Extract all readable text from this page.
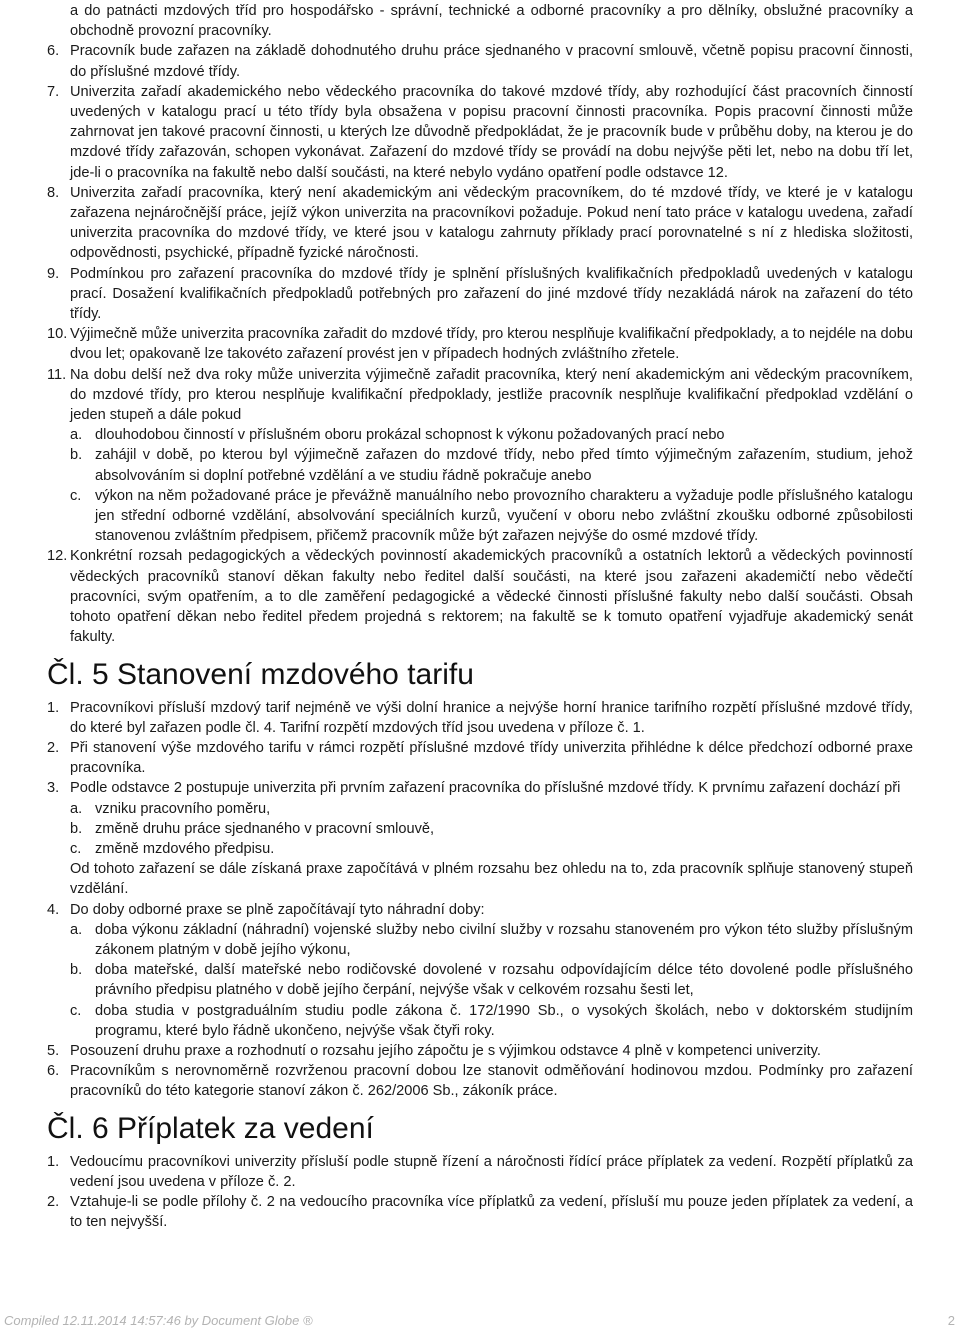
a do patnácti mzdových tříd pro hospodářsko - správní, technické a odborné pracovníky a pro dělníky, obslužné pracovníky a obchodně provozní pracovníky.
6. Pracovník bude zařazen na základě dohodnutého druhu práce sjednaného v pracovní smlouvě, včetně popisu pracovní činnosti, do příslušné mzdové třídy.
7. Univerzita zařadí akademického nebo vědeckého pracovníka do takové mzdové třídy, aby rozhodující část pracovních činností uvedených v katalogu prací u této třídy byla obsažena v popisu pracovní činnosti pracovníka. Popis pracovní činnosti může zahrnovat jen takové pracovní činnosti, u kterých lze důvodně předpokládat, že je pracovník bude v průběhu doby, na kterou je do mzdové třídy zařazován, schopen vykonávat. Zařazení do mzdové třídy se provádí na dobu nejvýše pěti let, nebo na dobu tří let, jde-li o pracovníka na fakultě nebo další součásti, na které nebylo vydáno opatření podle odstavce 12.
8. Univerzita zařadí pracovníka, který není akademickým ani vědeckým pracovníkem, do té mzdové třídy, ve které je v katalogu zařazena nejnáročnější práce, jejíž výkon univerzita na pracovníkovi požaduje. Pokud není tato práce v katalogu uvedena, zařadí univerzita pracovníka do mzdové třídy, ve které jsou v katalogu zahrnuty příklady prací porovnatelné s ní z hlediska složitosti, odpovědnosti, psychické, případně fyzické náročnosti.
9. Podmínkou pro zařazení pracovníka do mzdové třídy je splnění příslušných kvalifikačních předpokladů uvedených v katalogu prací. Dosažení kvalifikačních předpokladů potřebných pro zařazení do jiné mzdové třídy nezakládá nárok na zařazení do této třídy.
10. Výjimečně může univerzita pracovníka zařadit do mzdové třídy, pro kterou nesplňuje kvalifikační předpoklady, a to nejdéle na dobu dvou let; opakovaně lze takovéto zařazení provést jen v případech hodných zvláštního zřetele.
11. Na dobu delší než dva roky může univerzita výjimečně zařadit pracovníka, který není akademickým ani vědeckým pracovníkem, do mzdové třídy, pro kterou nesplňuje kvalifikační předpoklady, jestliže pracovník nesplňuje kvalifikační předpoklad vzdělání o jeden stupeň a dále pokud
a. dlouhodobou činností v příslušném oboru prokázal schopnost k výkonu požadovaných prací nebo
b. zahájil v době, po kterou byl výjimečně zařazen do mzdové třídy, nebo před tímto výjimečným zařazením, studium, jehož absolvováním si doplní potřebné vzdělání a ve studiu řádně pokračuje anebo
c. výkon na něm požadované práce je převážně manuálního nebo provozního charakteru a vyžaduje podle příslušného katalogu jen střední odborné vzdělání, absolvování speciálních kurzů, vyučení v oboru nebo zvláštní zkoušku odborné způsobilosti stanovenou zvláštním předpisem, přičemž pracovník může být zařazen nejvýše do osmé mzdové třídy.
12. Konkrétní rozsah pedagogických a vědeckých povinností akademických pracovníků a ostatních lektorů a vědeckých povinností vědeckých pracovníků stanoví děkan fakulty nebo ředitel další součásti, na které jsou zařazeni akademičtí nebo vědečtí pracovníci, svým opatřením, a to dle zaměření pedagogické a vědecké činnosti příslušné fakulty nebo další součásti. Obsah tohoto opatření děkan nebo ředitel předem projedná s rektorem; na fakultě se k tomuto opatření vyjadřuje akademický senát fakulty.
Čl. 5 Stanovení mzdového tarifu
1. Pracovníkovi přísluší mzdový tarif nejméně ve výši dolní hranice a nejvýše horní hranice tarifního rozpětí příslušné mzdové třídy, do které byl zařazen podle čl. 4. Tarifní rozpětí mzdových tříd jsou uvedena v příloze č. 1.
2. Při stanovení výše mzdového tarifu v rámci rozpětí příslušné mzdové třídy univerzita přihlédne k délce předchozí odborné praxe pracovníka.
3. Podle odstavce 2 postupuje univerzita při prvním zařazení pracovníka do příslušné mzdové třídy. K prvnímu zařazení dochází při
a. vzniku pracovního poměru,
b. změně druhu práce sjednaného v pracovní smlouvě,
c. změně mzdového předpisu.
Od tohoto zařazení se dále získaná praxe započítává v plném rozsahu bez ohledu na to, zda pracovník splňuje stanovený stupeň vzdělání.
4. Do doby odborné praxe se plně započítávají tyto náhradní doby:
a. doba výkonu základní (náhradní) vojenské služby nebo civilní služby v rozsahu stanoveném pro výkon této služby příslušným zákonem platným v době jejího výkonu,
b. doba mateřské, další mateřské nebo rodičovské dovolené v rozsahu odpovídajícím délce této dovolené podle příslušného právního předpisu platného v době jejího čerpání, nejvýše však v celkovém rozsahu šesti let,
c. doba studia v postgraduálním studiu podle zákona č. 172/1990 Sb., o vysokých školách, nebo v doktorském studijním programu, které bylo řádně ukončeno, nejvýše však čtyři roky.
5. Posouzení druhu praxe a rozhodnutí o rozsahu jejího zápočtu je s výjimkou odstavce 4 plně v kompetenci univerzity.
6. Pracovníkům s nerovnoměrně rozvrženou pracovní dobou lze stanovit odměňování hodinovou mzdou. Podmínky pro zařazení pracovníků do této kategorie stanoví zákon č. 262/2006 Sb., zákoník práce.
Čl. 6 Příplatek za vedení
1. Vedoucímu pracovníkovi univerzity přísluší podle stupně řízení a náročnosti řídící práce příplatek za vedení. Rozpětí příplatků za vedení jsou uvedena v příloze č. 2.
2. Vztahuje-li se podle přílohy č. 2 na vedoucího pracovníka více příplatků za vedení, přísluší mu pouze jeden příplatek za vedení, a to ten nejvyšší.
Compiled 12.11.2014 14:57:46 by Document Globe ®	2
